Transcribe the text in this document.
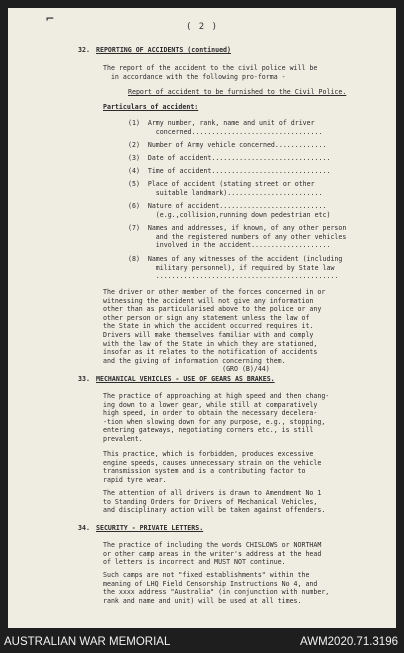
⌐	( 2 )
32. REPORTING OF ACCIDENTS (continued)
The report of the accident to the civil police will be
in accordance with the following pro-forma -
Report of accident to be furnished to the Civil Police.
Particulars of accident:
(1)  Army number, rank, name and unit of driver
concerned.................................
(2)  Number of Army vehicle concerned.............
(3)  Date of accident..............................
(4)  Time of accident..............................
(5)  Place of accident (stating street or other
suitable landmark)........................
(6)  Nature of accident...........................
(e.g.,collision,running down pedestrian etc)
(7)  Names and addresses, if known, of any other person
and the registered numbers of any other vehicles
involved in the accident....................
(8)  Names of any witnesses of the accident (including
military personnel), if required by State law
..............................................
The driver or other member of the forces concerned in or
witnessing the accident will not give any information
other than as particularised above to the police or any
other person or sign any statement unless the law of
the State in which the accident occurred requires it.
Drivers will make themselves familiar with and comply
with the law of the State in which they are stationed,
insofar as it relates to the notification of accidents
and the giving of information concerning them.
(GRO (B)/44)
33. MECHANICAL VEHICLES - USE OF GEARS AS BRAKES.
The practice of approaching at high speed and then chang-
ing down to a lower gear, while still at comparatively
high speed, in order to obtain the necessary decelera-
-tion when slowing down for any purpose, e.g., stopping,
entering gateways, negotiating corners etc., is still
prevalent.
This practice, which is forbidden, produces excessive
engine speeds, causes unnecessary strain on the vehicle
transmission system and is a contributing factor to
rapid tyre wear.
The attention of all drivers is drawn to Amendment No 1
to Standing Orders for Drivers of Mechanical Vehicles,
and disciplinary action will be taken against offenders.
34. SECURITY - PRIVATE LETTERS.
The practice of including the words CHISLOWS or NORTHAM
or other camp areas in the writer's address at the head
of letters is incorrect and MUST NOT continue.
Such camps are not "fixed establishments" within the
meaning of LHQ Field Censorship Instructions No 4, and
the xxxx address "Australia" (in conjunction with number,
rank and name and unit) will be used at all times.
AUSTRALIAN WAR MEMORIAL	AWM2020.71.3196
